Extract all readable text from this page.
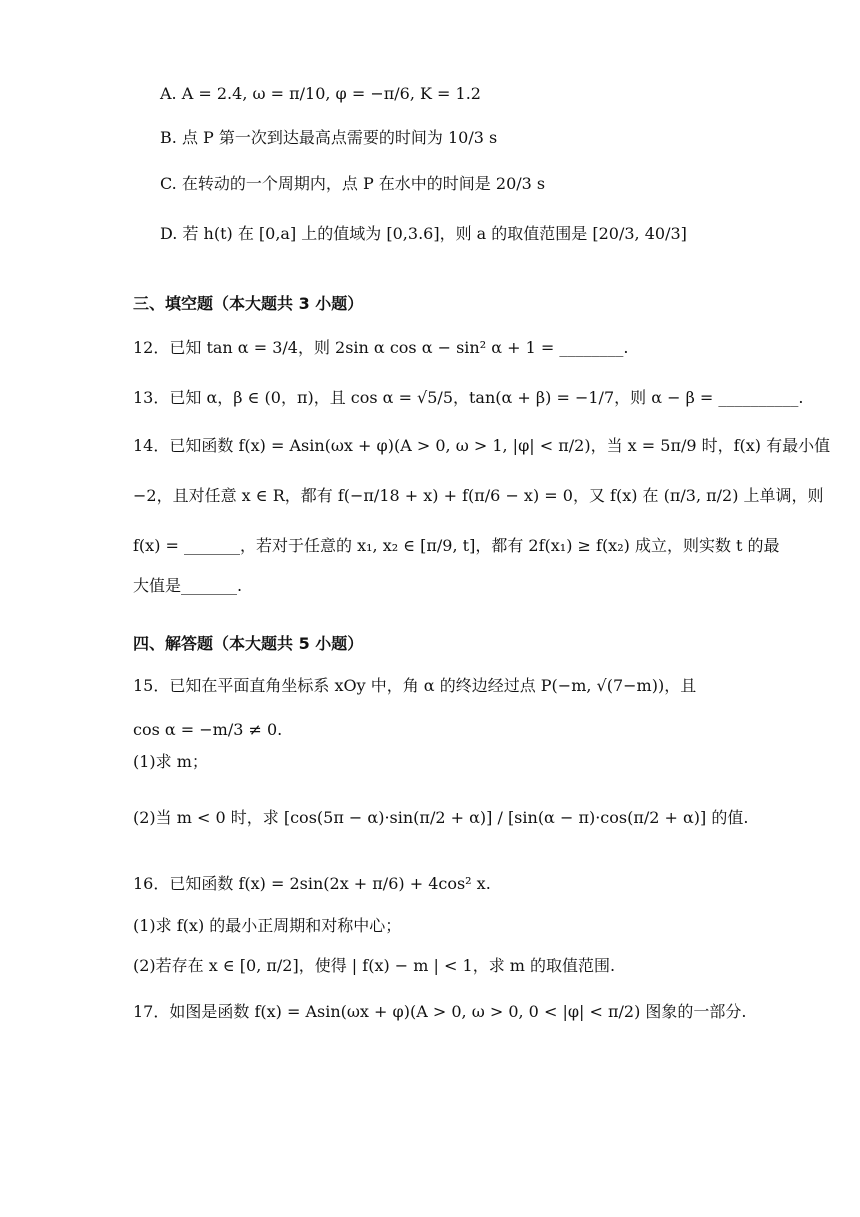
A. A = 2.4, ω = π/10, φ = −π/6, K = 1.2
B. 点 P 第一次到达最高点需要的时间为 10/3 s
C. 在转动的一个周期内，点 P 在水中的时间是 20/3 s
D. 若 h(t) 在 [0,a] 上的值域为 [0,3.6]，则 a 的取值范围是 [20/3, 40/3]
三、填空题（本大题共 3 小题）
12．已知 tan α = 3/4，则 2sin α cos α − sin² α + 1 = ________.
13．已知 α，β ∈ (0，π)，且 cos α = √5/5，tan(α + β) = −1/7，则 α − β = __________.
14．已知函数 f(x) = Asin(ωx + φ)(A > 0, ω > 1, |φ| < π/2)，当 x = 5π/9 时，f(x) 有最小值
−2，且对任意 x ∈ R，都有 f(−π/18 + x) + f(π/6 − x) = 0，又 f(x) 在 (π/3, π/2) 上单调，则
f(x) = _______，若对于任意的 x₁, x₂ ∈ [π/9, t]，都有 2f(x₁) ≥ f(x₂) 成立，则实数 t 的最
大值是_______.
四、解答题（本大题共 5 小题）
15．已知在平面直角坐标系 xOy 中，角 α 的终边经过点 P(−m, √(7−m))，且
cos α = −m/3 ≠ 0.
(1)求 m；
(2)当 m < 0 时，求 [cos(5π − α)·sin(π/2 + α)] / [sin(α − π)·cos(π/2 + α)] 的值.
16．已知函数 f(x) = 2sin(2x + π/6) + 4cos² x.
(1)求 f(x) 的最小正周期和对称中心；
(2)若存在 x ∈ [0, π/2]，使得 | f(x) − m | < 1，求 m 的取值范围.
17．如图是函数 f(x) = Asin(ωx + φ)(A > 0, ω > 0, 0 < |φ| < π/2) 图象的一部分.
